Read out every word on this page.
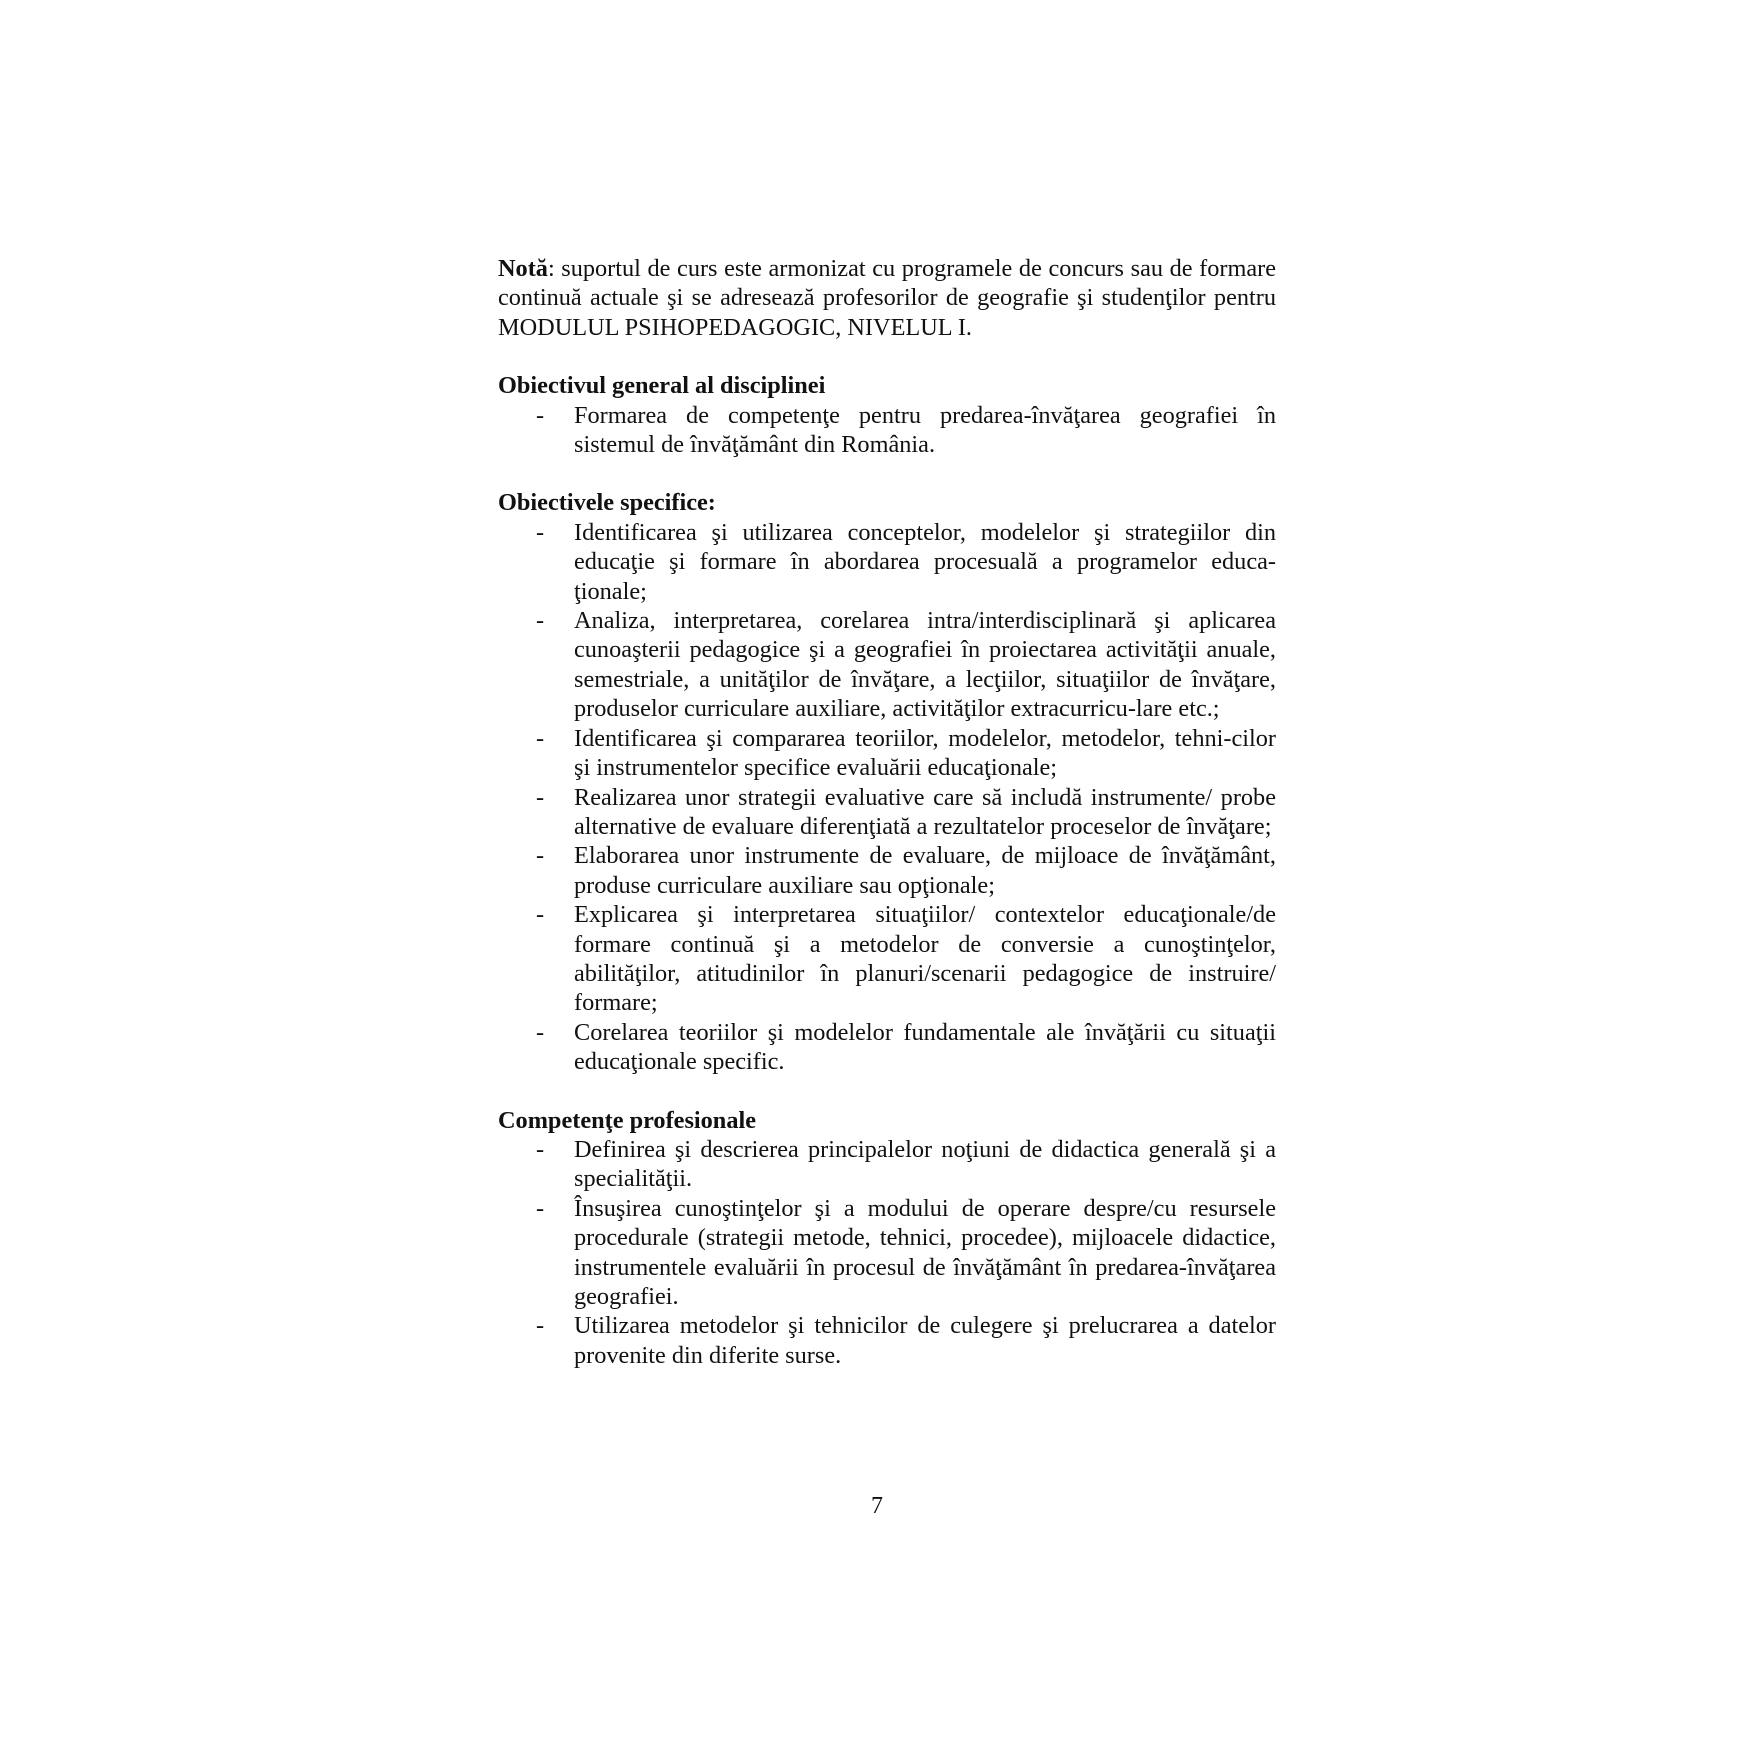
Notă: suportul de curs este armonizat cu programele de concurs sau de formare continuă actuale şi se adresează profesorilor de geografie şi studenţilor pentru MODULUL PSIHOPEDAGOGIC, NIVELUL I.

Obiectivul general al disciplinei
- Formarea de competenţe pentru predarea-învăţarea geografiei în sistemul de învăţământ din România.
Obiectivele specifice:
- Identificarea şi utilizarea conceptelor, modelelor şi strategiilor din educaţie şi formare în abordarea procesuală a programelor educa-ţionale;
- Analiza, interpretarea, corelarea intra/interdisciplinară şi aplicarea cunoaşterii pedagogice şi a geografiei în proiectarea activităţii anuale, semestriale, a unităţilor de învăţare, a lecţiilor, situaţiilor de învăţare, produselor curriculare auxiliare, activităţilor extracurricu-lare etc.;
- Identificarea şi compararea teoriilor, modelelor, metodelor, tehni-cilor şi instrumentelor specifice evaluării educaţionale;
- Realizarea unor strategii evaluative care să includă instrumente/ probe alternative de evaluare diferenţiată a rezultatelor proceselor de învăţare;
- Elaborarea unor instrumente de evaluare, de mijloace de învăţământ, produse curriculare auxiliare sau opţionale;
- Explicarea şi interpretarea situaţiilor/ contextelor educaţionale/de formare continuă şi a metodelor de conversie a cunoştinţelor, abilităţilor, atitudinilor în planuri/scenarii pedagogice de instruire/ formare;
- Corelarea teoriilor şi modelelor fundamentale ale învăţării cu situaţii educaţionale specific.
Competenţe profesionale
- Definirea şi descrierea principalelor noţiuni de didactica generală şi a specialităţii.
- Însuşirea cunoştinţelor şi a modului de operare despre/cu resursele procedurale (strategii metode, tehnici, procedee), mijloacele didactice, instrumentele evaluării în procesul de învăţământ în predarea-învăţarea geografiei.
- Utilizarea metodelor şi tehnicilor de culegere şi prelucrarea a datelor provenite din diferite surse.
7
